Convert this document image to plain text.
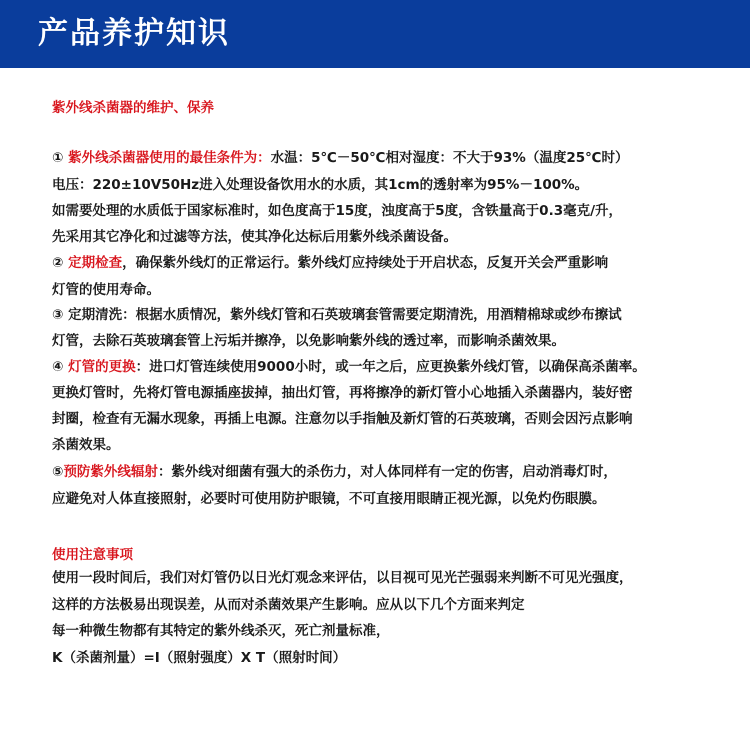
产品养护知识
紫外线杀菌器的维护、保养
① 紫外线杀菌器使用的最佳条件为：水温：5℃－50℃相对湿度：不大于93%（温度25℃时）
电压：220±10V50Hz进入处理设备饮用水的水质，其1cm的透射率为95%－100%。
如需要处理的水质低于国家标准时，如色度高于15度，浊度高于5度，含铁量高于0.3毫克/升，
先采用其它净化和过滤等方法，使其净化达标后用紫外线杀菌设备。
② 定期检查，确保紫外线灯的正常运行。紫外线灯应持续处于开启状态，反复开关会严重影响
灯管的使用寿命。
③ 定期清洗：根据水质情况，紫外线灯管和石英玻璃套管需要定期清洗，用酒精棉球或纱布擦试
灯管，去除石英玻璃套管上污垢并擦净，以免影响紫外线的透过率，而影响杀菌效果。
④ 灯管的更换：进口灯管连续使用9000小时，或一年之后，应更换紫外线灯管，以确保高杀菌率。
更换灯管时，先将灯管电源插座拔掉，抽出灯管，再将擦净的新灯管小心地插入杀菌器内，装好密
封圈，检查有无漏水现象，再插上电源。注意勿以手指触及新灯管的石英玻璃，否则会因污点影响
杀菌效果。
⑤预防紫外线辐射：紫外线对细菌有强大的杀伤力，对人体同样有一定的伤害，启动消毒灯时，
应避免对人体直接照射，必要时可使用防护眼镜，不可直接用眼睛正视光源，以免灼伤眼膜。
使用注意事项
使用一段时间后，我们对灯管仍以日光灯观念来评估，以目视可见光芒强弱来判断不可见光强度，
这样的方法极易出现误差，从而对杀菌效果产生影响。应从以下几个方面来判定
每一种微生物都有其特定的紫外线杀灭，死亡剂量标准，
K（杀菌剂量）=I（照射强度）X T（照射时间）
